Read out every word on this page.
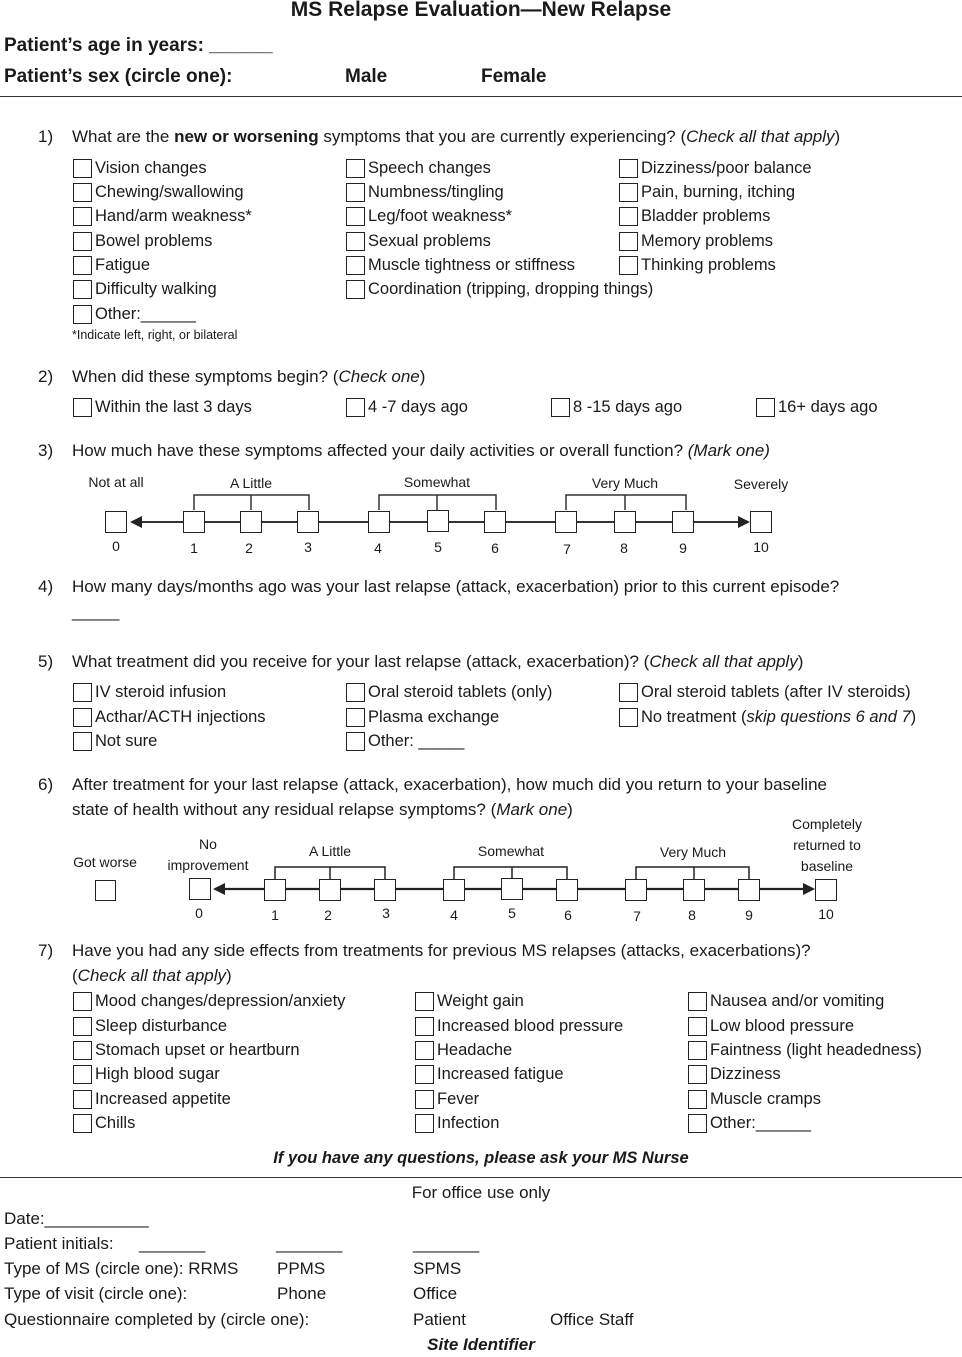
MS Relapse Evaluation—New Relapse
Patient’s age in years: ______
Patient’s sex (circle one):	Male	Female
1) What are the new or worsening symptoms that you are currently experiencing? (Check all that apply)
Vision changes
Chewing/swallowing
Hand/arm weakness*
Bowel problems
Fatigue
Difficulty walking
Other:______
Speech changes
Numbness/tingling
Leg/foot weakness*
Sexual problems
Muscle tightness or stiffness
Coordination (tripping, dropping things)
Dizziness/poor balance
Pain, burning, itching
Bladder problems
Memory problems
Thinking problems
*Indicate left, right, or bilateral
2) When did these symptoms begin? (Check one)
Within the last 3 days	4 -7 days ago	8 -15 days ago	16+ days ago
3) How much have these symptoms affected your daily activities or overall function? (Mark one)
Not at all	A Little	Somewhat	Very Much	Severely
0	1	2	3	4	5	6	7	8	9	10
4) How many days/months ago was your last relapse (attack, exacerbation) prior to this current episode?
_____
5) What treatment did you receive for your last relapse (attack, exacerbation)? (Check all that apply)
IV steroid infusion
Acthar/ACTH injections
Not sure
Oral steroid tablets (only)
Plasma exchange
Other: _____
Oral steroid tablets (after IV steroids)
No treatment (skip questions 6 and 7)
6) After treatment for your last relapse (attack, exacerbation), how much did you return to your baseline
state of health without any residual relapse symptoms? (Mark one)
Got worse
No
improvement
A Little	Somewhat	Very Much
Completely
returned to
baseline
0	1	2	3	4	5	6	7	8	9	10
7) Have you had any side effects from treatments for previous MS relapses (attacks, exacerbations)?
(Check all that apply)
Mood changes/depression/anxiety
Sleep disturbance
Stomach upset or heartburn
High blood sugar
Increased appetite
Chills
Weight gain
Increased blood pressure
Headache
Increased fatigue
Fever
Infection
Nausea and/or vomiting
Low blood pressure
Faintness (light headedness)
Dizziness
Muscle cramps
Other:______
If you have any questions, please ask your MS Nurse
For office use only
Date:___________
Patient initials: _______	_______	_______
Type of MS (circle one): RRMS PPMS	SPMS
Type of visit (circle one):	Phone	Office
Questionnaire completed by (circle one):	Patient	Office Staff
Site Identifier
